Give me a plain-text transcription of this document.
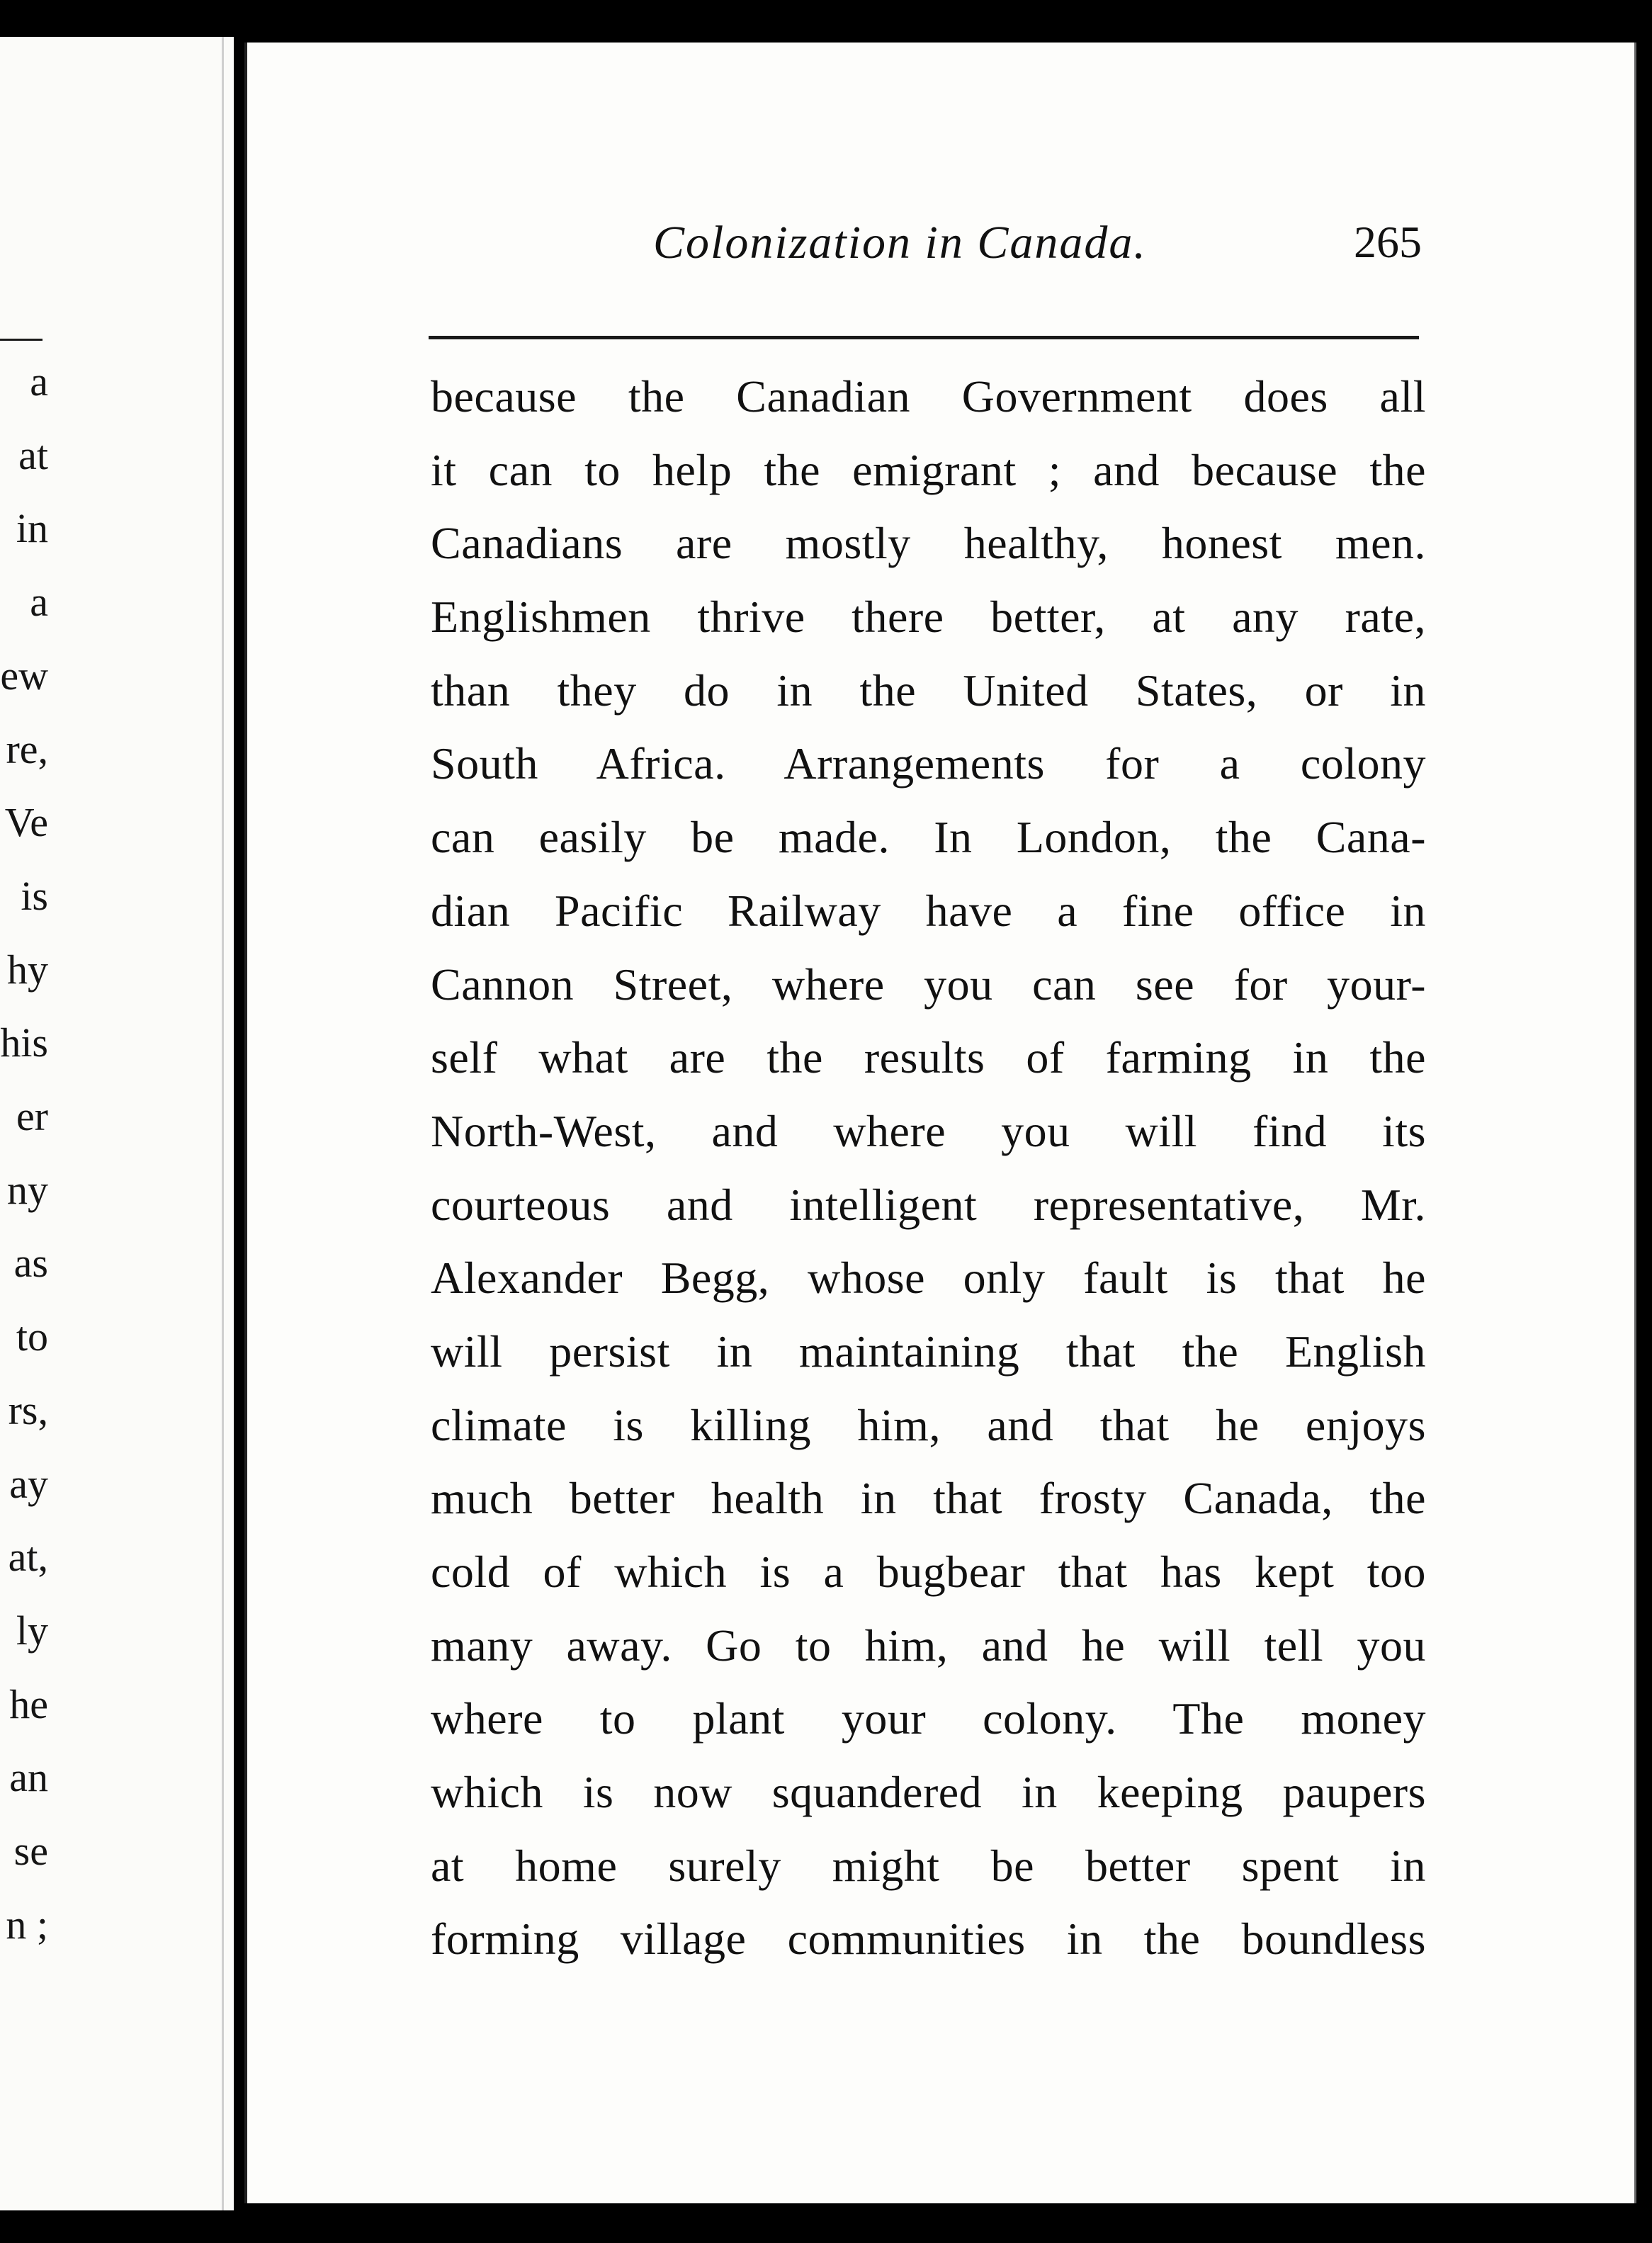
a
at
in
a
ew
re,
Ve
is
hy
his
er
ny
as
to
rs,
ay
at,
ly
he
an
se
n ;
Colonization in Canada.	265
because the Canadian Government does all
it can to help the emigrant ; and because the
Canadians are mostly healthy, honest men.
Englishmen thrive there better, at any rate,
than they do in the United States, or in
South Africa. Arrangements for a colony
can easily be made. In London, the Cana-
dian Pacific Railway have a fine office in
Cannon Street, where you can see for your-
self what are the results of farming in the
North-West, and where you will find its
courteous and intelligent representative, Mr.
Alexander Begg, whose only fault is that he
will persist in maintaining that the English
climate is killing him, and that he enjoys
much better health in that frosty Canada, the
cold of which is a bugbear that has kept too
many away. Go to him, and he will tell you
where to plant your colony. The money
which is now squandered in keeping paupers
at home surely might be better spent in
forming village communities in the boundless
